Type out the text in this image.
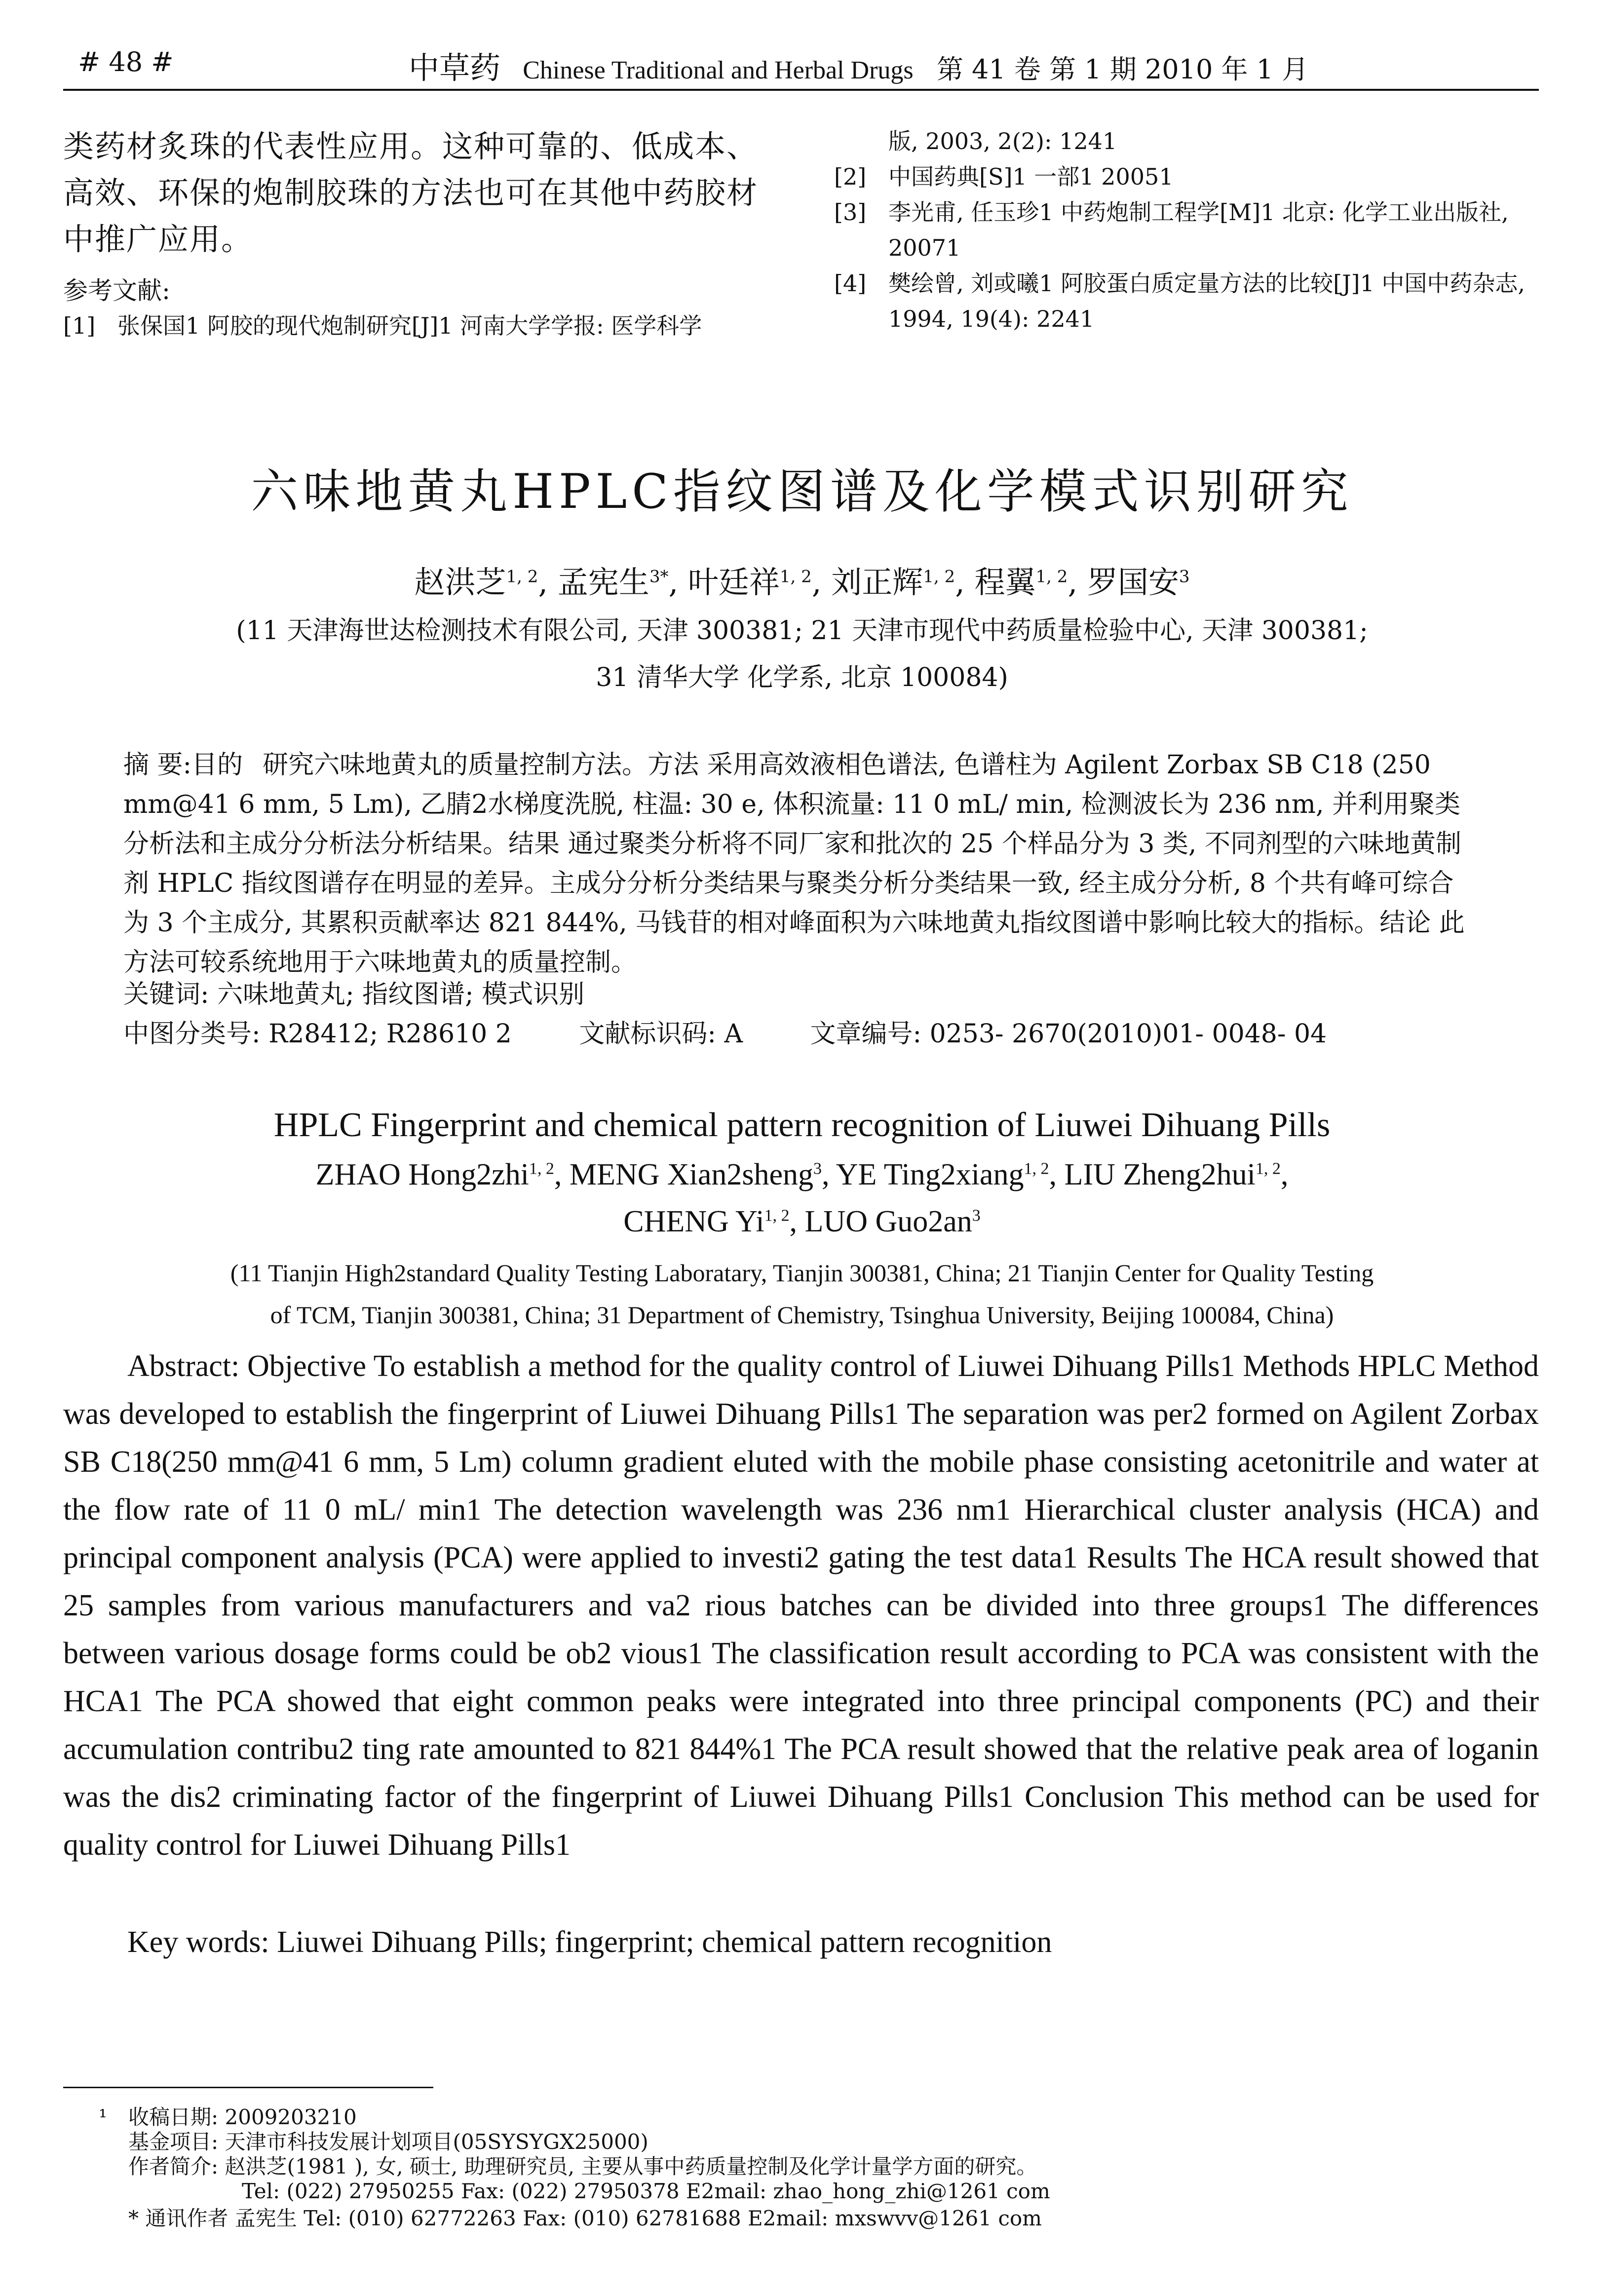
# 48 #	中草药 Chinese Traditional and Herbal Drugs 第 41 卷 第 1 期 2010 年 1 月

类药材炙珠的代表性应用。这种可靠的、低成本、高效、环保的炮制胶珠的方法也可在其他中药胶材中推广应用。

参考文献:
[1] 张保国1 阿胶的现代炮制研究[J]1 河南大学学报: 医学科学
版, 2003, 2(2): 1241
[2] 中国药典[S]1 一部1 20051
[3] 李光甫, 任玉珍1 中药炮制工程学[M]1 北京: 化学工业出版社, 20071
[4] 樊绘曾, 刘或曦1 阿胶蛋白质定量方法的比较[J]1 中国中药杂志, 1994, 19(4): 2241
六味地黄丸HPLC指纹图谱及化学模式识别研究
赵洪芝$^{1, 2}$, 孟宪生$^{3*}$, 叶廷祥$^{1, 2}$, 刘正辉$^{1, 2}$, 程翼$^{1, 2}$, 罗国安$^3$
(11 天津海世达检测技术有限公司, 天津 300381; 21 天津市现代中药质量检验中心, 天津 300381;
31 清华大学 化学系, 北京 100084)
摘 要:目的 研究六味地黄丸的质量控制方法。方法 采用高效液相色谱法, 色谱柱为 Agilent Zorbax SB C18 (250 mm@41 6 mm, 5 Lm), 乙腈2水梯度洗脱, 柱温: 30 e, 体积流量: 11 0 mL/ min, 检测波长为 236 nm, 并利用聚类分析法和主成分分析法分析结果。结果 通过聚类分析将不同厂家和批次的 25 个样品分为 3 类, 不同剂型的六味地黄制剂 HPLC 指纹图谱存在明显的差异。主成分分析分类结果与聚类分析分类结果一致, 经主成分分析, 8 个共有峰可综合为 3 个主成分, 其累积贡献率达 821 844%, 马钱苷的相对峰面积为六味地黄丸指纹图谱中影响比较大的指标。结论 此方法可较系统地用于六味地黄丸的质量控制。
关键词: 六味地黄丸; 指纹图谱; 模式识别
中图分类号: R28412; R28610 2	文献标识码: A	文章编号: 0253- 2670(2010)01- 0048- 04
HPLC Fingerprint and chemical pattern recognition of Liuwei Dihuang Pills
ZHAO Hong2zhi$^{1, 2}$, MENG Xian2sheng$^3$, YE Ting2xiang$^{1, 2}$, LIU Zheng2hui$^{1, 2}$,
CHENG Yi$^{1, 2}$, LUO $Guo2an^3$
(11 Tianjin High2standard Quality Testing Laboratary, Tianjin 300381, China; 21 Tianjin Center for Quality Testing
of TCM, Tianjin 300381, China; 31 Department of Chemistry, Tsinghua University, Beijing 100084, China)

Abstract: Objective To establish a method for the quality control of Liuwei Dihuang Pills1 Methods HPLC Method was developed to establish the fingerprint of Liuwei Dihuang Pills1 The separation was per2 formed on Agilent Zorbax SB C18(250 mm@41 6 mm, 5 Lm) column gradient eluted with the mobile phase consisting acetonitrile and water at the flow rate of 11 0 mL/ min1 The detection wavelength was 236 nm1 Hierarchical cluster analysis (HCA) and principal component analysis (PCA) were applied to investi2 gating the test data1 Results The HCA result showed that 25 samples from various manufacturers and va2 rious batches can be divided into three groups1 The differences between various dosage forms could be ob2 vious1 The classification result according to PCA was consistent with the HCA1 The PCA showed that eight common peaks were integrated into three principal components (PC) and their accumulation contribu2 ting rate amounted to 821 844%1 The PCA result showed that the relative peak area of loganin was the dis2 criminating factor of the fingerprint of Liuwei Dihuang Pills1 Conclusion This method can be used for quality control for Liuwei Dihuang Pills1

Key words: Liuwei Dihuang Pills; fingerprint; chemical pattern recognition
¹ 收稿日期: 2009203210
基金项目: 天津市科技发展计划项目(05SYSYGX25000)
作者简介: 赵洪芝(1981 ), 女, 硕士, 助理研究员, 主要从事中药质量控制及化学计量学方面的研究。
Tel: (022) 27950255 Fax: (022) 27950378 E2mail: zhao_hong_zhi@1261 com
* 通讯作者 孟宪生 Tel: (010) 62772263 Fax: (010) 62781688 E2mail: mxswvv@1261 com
